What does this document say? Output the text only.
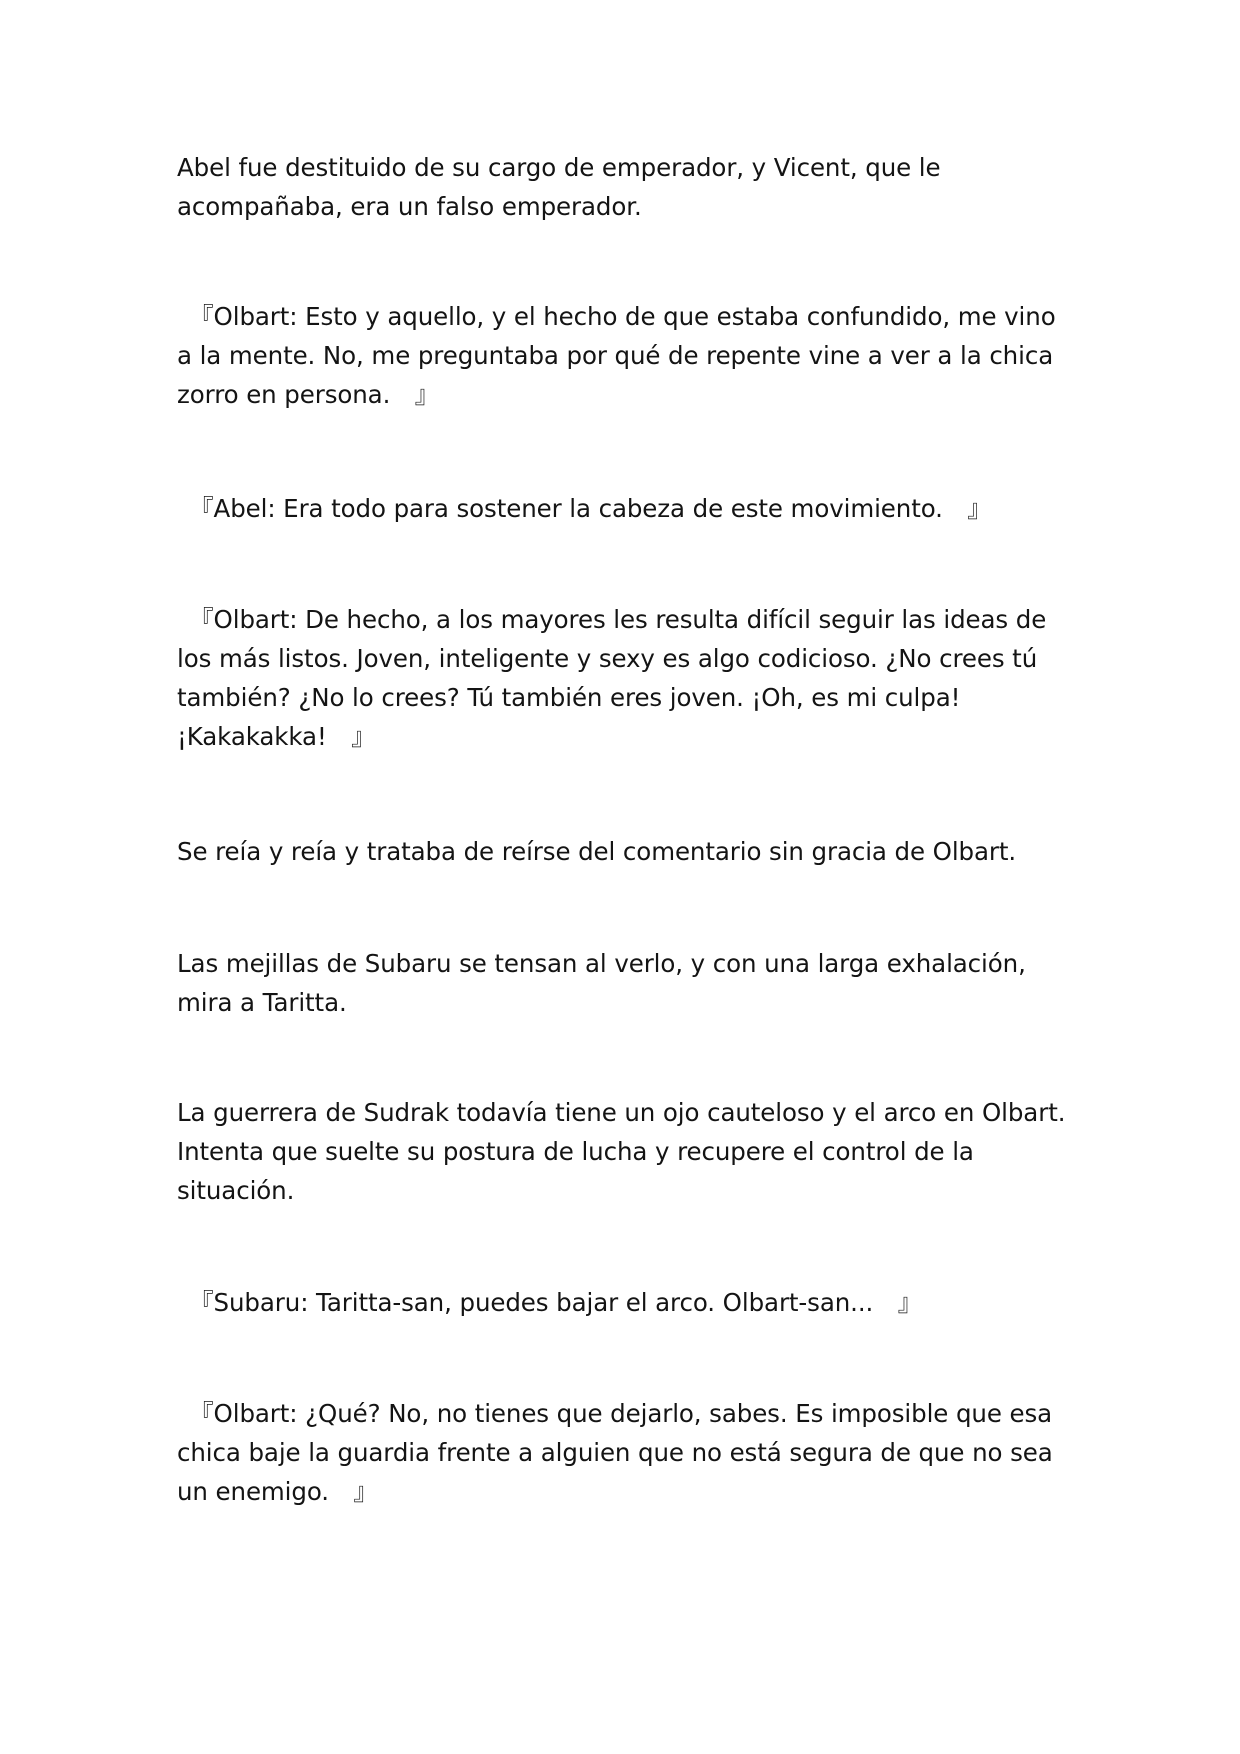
Abel fue destituido de su cargo de emperador, y Vicent, que le acompañaba, era un falso emperador.

　『Olbart: Esto y aquello, y el hecho de que estaba confundido, me vino a la mente. No, me preguntaba por qué de repente vine a ver a la chica zorro en persona.　』

　『Abel: Era todo para sostener la cabeza de este movimiento.　』

　『Olbart: De hecho, a los mayores les resulta difícil seguir las ideas de los más listos. Joven, inteligente y sexy es algo codicioso. ¿No crees tú también? ¿No lo crees? Tú también eres joven. ¡Oh, es mi culpa! ¡Kakakakka!　』

Se reía y reía y trataba de reírse del comentario sin gracia de Olbart.

Las mejillas de Subaru se tensan al verlo, y con una larga exhalación, mira a Taritta.

La guerrera de Sudrak todavía tiene un ojo cauteloso y el arco en Olbart. Intenta que suelte su postura de lucha y recupere el control de la situación.

　『Subaru: Taritta-san, puedes bajar el arco. Olbart-san...　』

　『Olbart: ¿Qué? No, no tienes que dejarlo, sabes. Es imposible que esa chica baje la guardia frente a alguien que no está segura de que no sea un enemigo.　』
